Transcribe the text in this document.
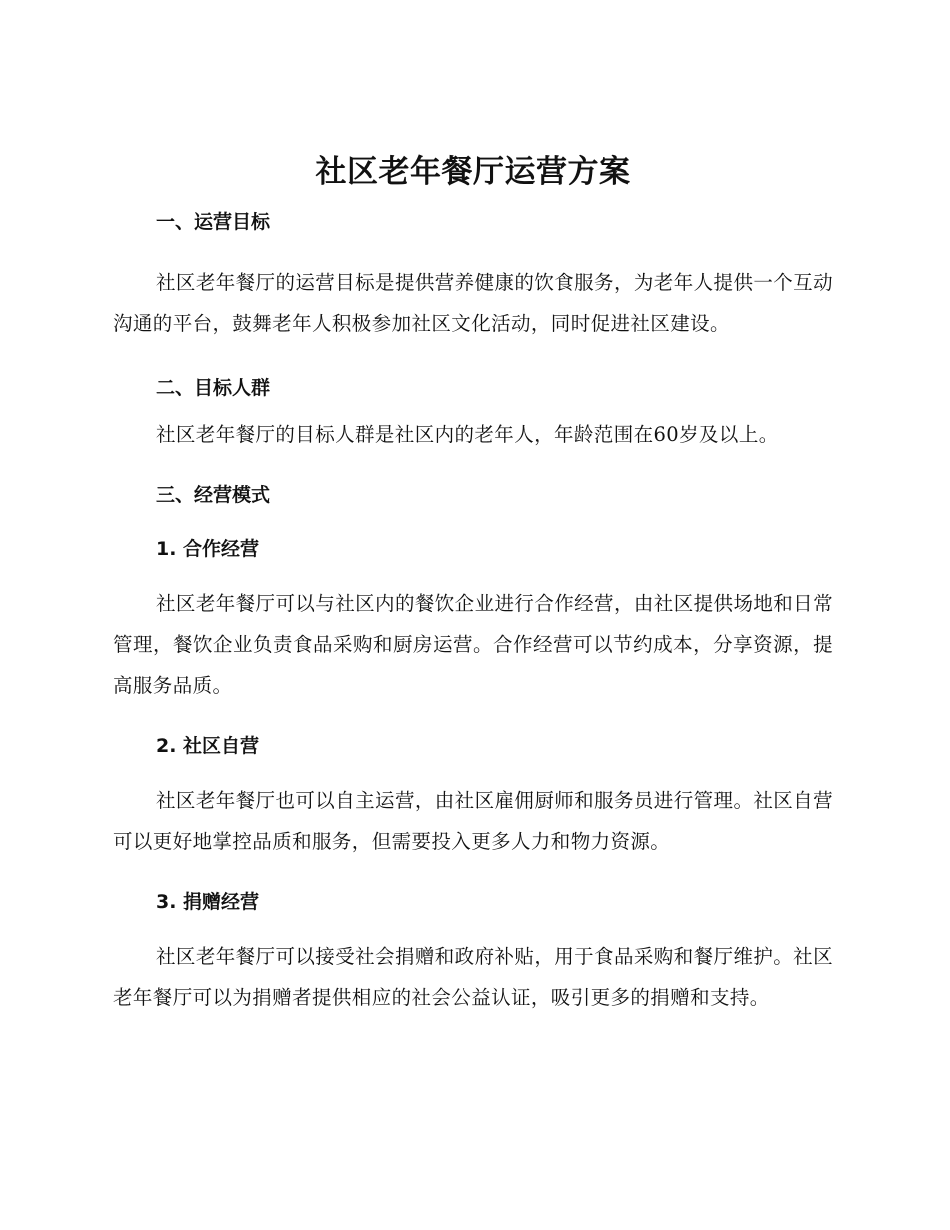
社区老年餐厅运营方案
一、运营目标

社区老年餐厅的运营目标是提供营养健康的饮食服务，为老年人提供一个互动沟通的平台，鼓舞老年人积极参加社区文化活动，同时促进社区建设。

二、目标人群

社区老年餐厅的目标人群是社区内的老年人，年龄范围在60岁及以上。

三、经营模式
1. 合作经营

社区老年餐厅可以与社区内的餐饮企业进行合作经营，由社区提供场地和日常管理，餐饮企业负责食品采购和厨房运营。合作经营可以节约成本，分享资源，提高服务品质。

2. 社区自营

社区老年餐厅也可以自主运营，由社区雇佣厨师和服务员进行管理。社区自营可以更好地掌控品质和服务，但需要投入更多人力和物力资源。

3. 捐赠经营

社区老年餐厅可以接受社会捐赠和政府补贴，用于食品采购和餐厅维护。社区老年餐厅可以为捐赠者提供相应的社会公益认证，吸引更多的捐赠和支持。
